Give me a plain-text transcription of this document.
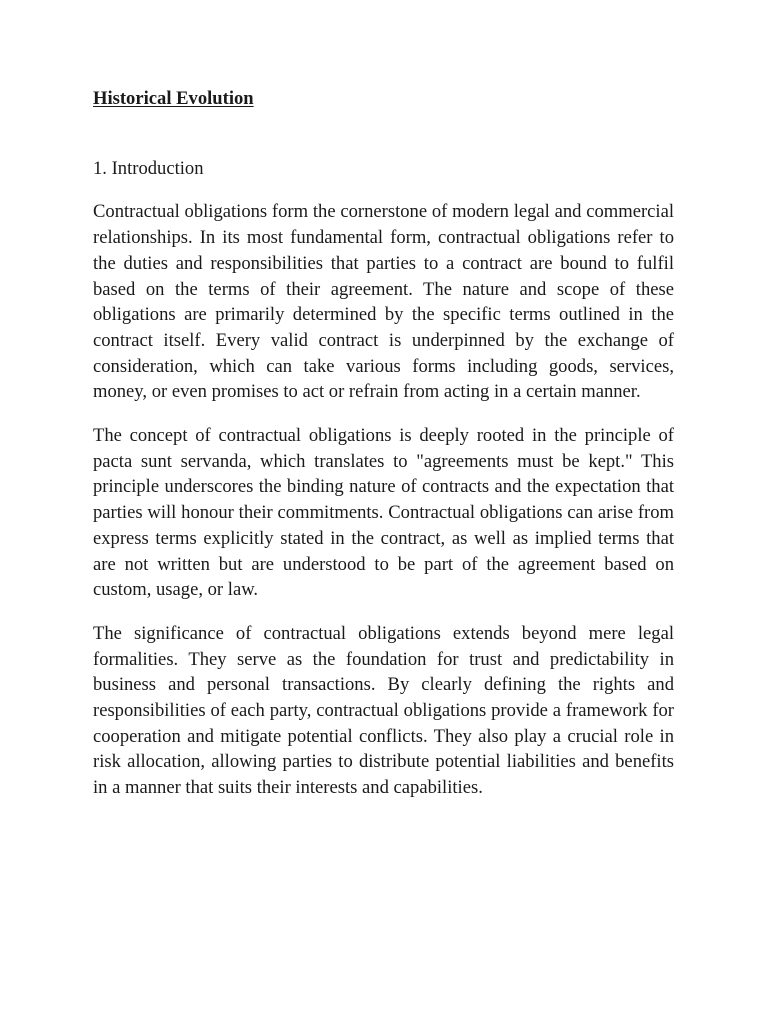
Historical Evolution
1. Introduction

Contractual obligations form the cornerstone of modern legal and commercial relationships. In its most fundamental form, contractual obligations refer to the duties and responsibilities that parties to a contract are bound to fulfil based on the terms of their agreement. The nature and scope of these obligations are primarily determined by the specific terms outlined in the contract itself. Every valid contract is underpinned by the exchange of consideration, which can take various forms including goods, services, money, or even promises to act or refrain from acting in a certain manner.

The concept of contractual obligations is deeply rooted in the principle of pacta sunt servanda, which translates to "agreements must be kept." This principle underscores the binding nature of contracts and the expectation that parties will honour their commitments. Contractual obligations can arise from express terms explicitly stated in the contract, as well as implied terms that are not written but are understood to be part of the agreement based on custom, usage, or law.

The significance of contractual obligations extends beyond mere legal formalities. They serve as the foundation for trust and predictability in business and personal transactions. By clearly defining the rights and responsibilities of each party, contractual obligations provide a framework for cooperation and mitigate potential conflicts. They also play a crucial role in risk allocation, allowing parties to distribute potential liabilities and benefits in a manner that suits their interests and capabilities.
